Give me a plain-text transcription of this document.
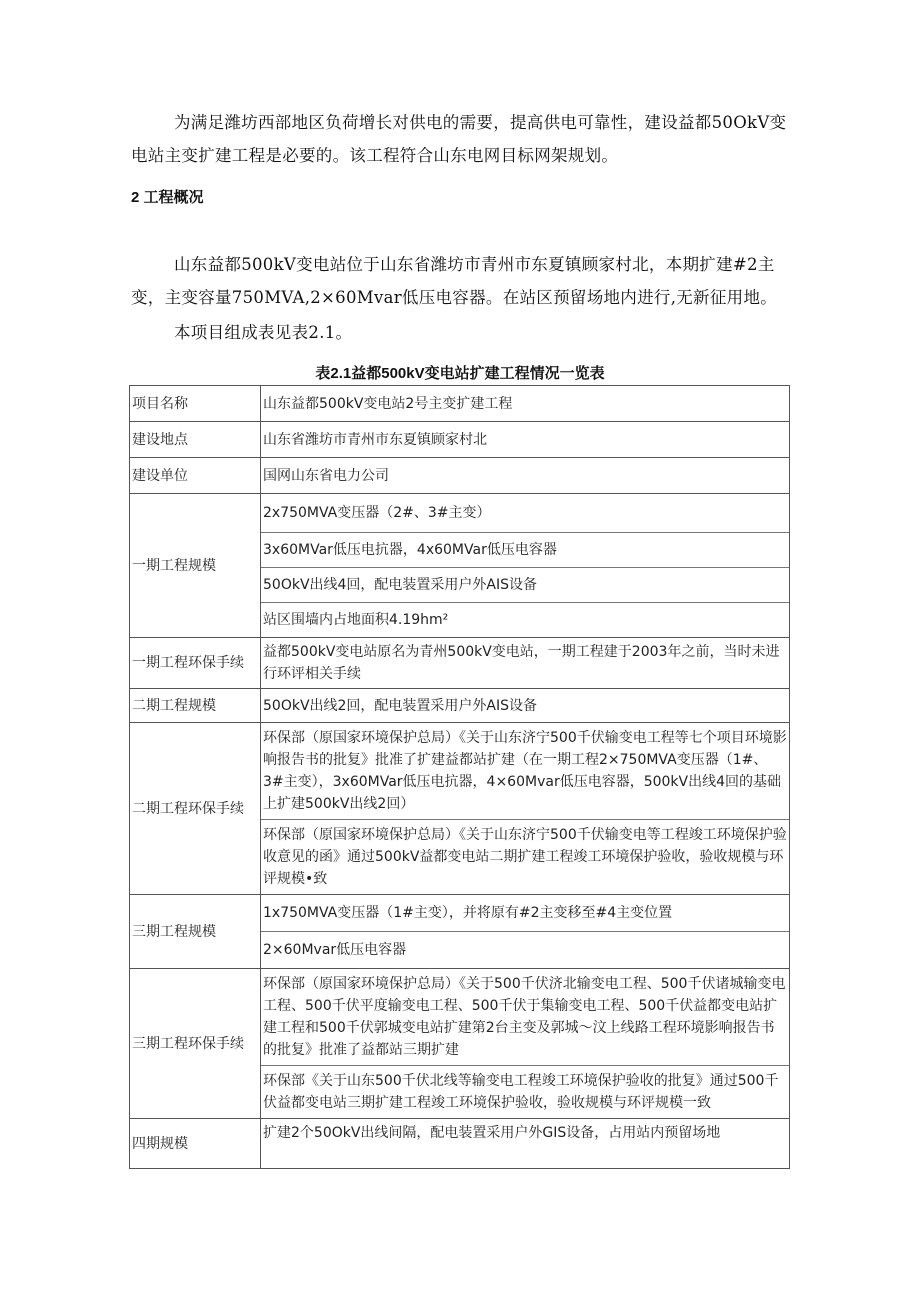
为满足潍坊西部地区负荷增长对供电的需要，提高供电可靠性，建设益都50OkV变电站主变扩建工程是必要的。该工程符合山东电网目标网架规划。
2 工程概况
山东益都500kV变电站位于山东省潍坊市青州市东夏镇顾家村北，本期扩建#2主变，主变容量750MVA,2×60Mvar低压电容器。在站区预留场地内进行,无新征用地。
本项目组成表见表2.1。
表2.1益都500kV变电站扩建工程情况一览表
项目名称	山东益都500kV变电站2号主变扩建工程
建设地点	山东省潍坊市青州市东夏镇顾家村北
建设单位	国网山东省电力公司
一期工程规模	2x750MVA变压器（2#、3#主变）
3x60MVar低压电抗器，4x60MVar低压电容器
50OkV出线4回，配电装置采用户外AIS设备
站区围墙内占地面积4.19hm²

一期工程环保手续	益都500kV变电站原名为青州500kV变电站，一期工程建于2003年之前，当时未进行环评相关手续
二期工程规模	50OkV出线2回，配电装置采用户外AIS设备
二期工程环保手续	环保部（原国家环境保护总局）《关于山东济宁500千伏输变电工程等七个项目环境影响报告书的批复》批准了扩建益都站扩建（在一期工程2×750MVA变压器（1#、3#主变），3x60MVar低压电抗器，4×60Mvar低压电容器，500kV出线4回的基础上扩建500kV出线2回）
环保部（原国家环境保护总局）《关于山东济宁500千伏输变电等工程竣工环境保护验收意见的函》通过500kV益都变电站二期扩建工程竣工环境保护验收，验收规模与环评规模•致

三期工程规模	1x750MVA变压器（1#主变），并将原有#2主变移至#4主变位置
2×60Mvar低压电容器

三期工程环保手续	环保部（原国家环境保护总局）《关于500千伏济北输变电工程、500千伏诸城输变电工程、500千伏平度输变电工程、500千伏于集输变电工程、500千伏益都变电站扩建工程和500千伏郭城变电站扩建第2台主变及郭城～汶上线路工程环境影响报告书的批复》批准了益都站三期扩建
环保部《关于山东500千伏北线等输变电工程竣工环境保护验收的批复》通过500千伏益都变电站三期扩建工程竣工环境保护验收，验收规模与环评规模一致

四期规模	扩建2个50OkV出线间隔，配电装置采用户外GIS设备，占用站内预留场地
